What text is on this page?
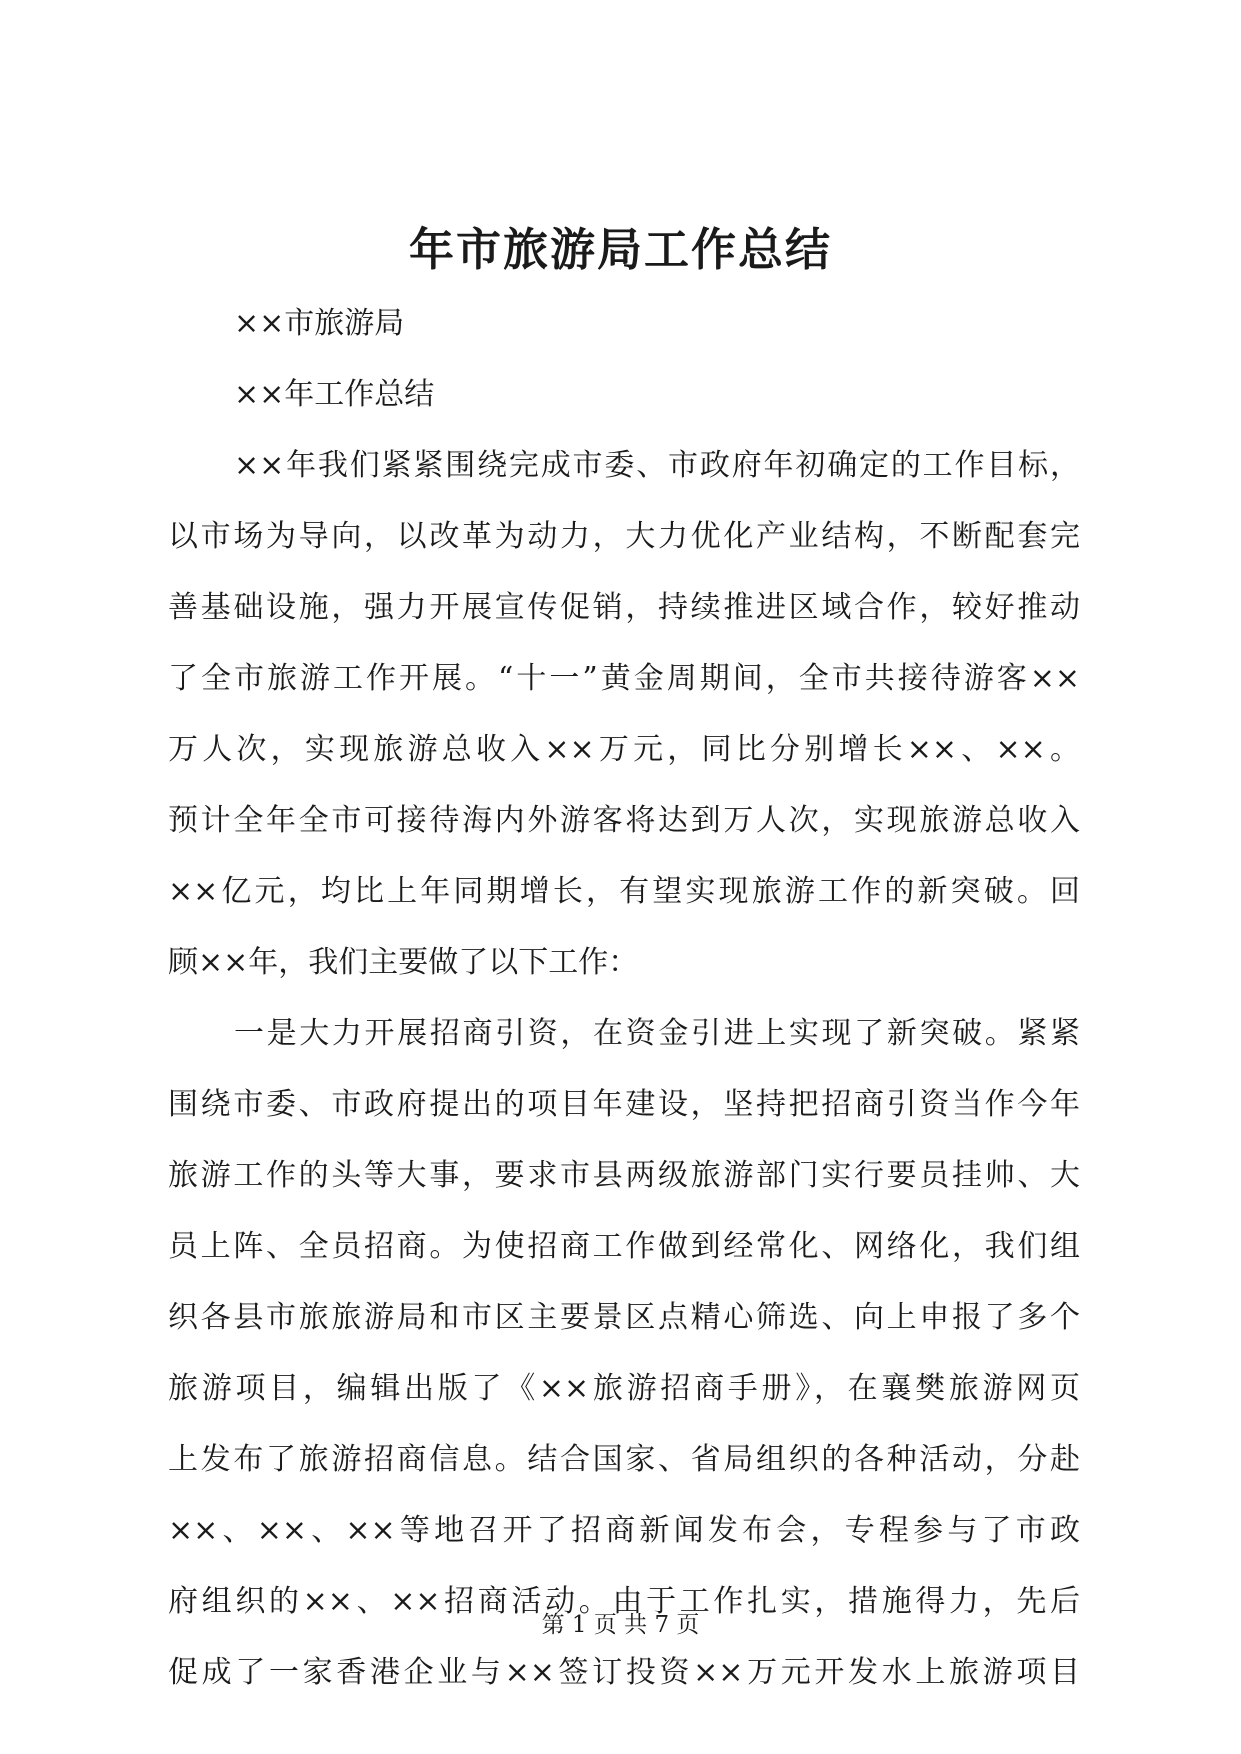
年市旅游局工作总结
××市旅游局
××年工作总结
××年我们紧紧围绕完成市委、市政府年初确定的工作目标，
以市场为导向，以改革为动力，大力优化产业结构，不断配套完
善基础设施，强力开展宣传促销，持续推进区域合作，较好推动
了全市旅游工作开展。“十一”黄金周期间，全市共接待游客××
万人次，实现旅游总收入××万元，同比分别增长××、××。
预计全年全市可接待海内外游客将达到万人次，实现旅游总收入
××亿元，均比上年同期增长，有望实现旅游工作的新突破。回
顾××年，我们主要做了以下工作：
一是大力开展招商引资，在资金引进上实现了新突破。紧紧
围绕市委、市政府提出的项目年建设，坚持把招商引资当作今年
旅游工作的头等大事，要求市县两级旅游部门实行要员挂帅、大
员上阵、全员招商。为使招商工作做到经常化、网络化，我们组
织各县市旅旅游局和市区主要景区点精心筛选、向上申报了多个
旅游项目，编辑出版了《××旅游招商手册》，在襄樊旅游网页
上发布了旅游招商信息。结合国家、省局组织的各种活动，分赴
××、××、××等地召开了招商新闻发布会，专程参与了市政
府组织的××、××招商活动。由于工作扎实，措施得力，先后
促成了一家香港企业与××签订投资××万元开发水上旅游项目
第 1 页 共 7 页
